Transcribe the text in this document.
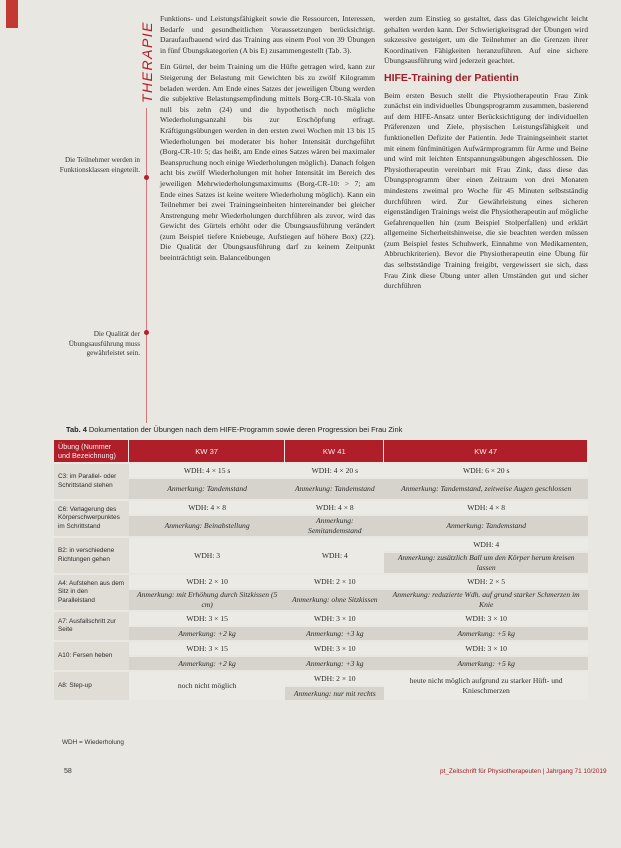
THERAPIE
Die Teilnehmer werden in Funktionsklassen eingeteilt.
Die Qualität der Übungsausführung muss gewährleistet sein.

Funktions- und Leistungsfähigkeit sowie die Ressourcen, Interessen, Bedarfe und gesundheitlichen Voraussetzungen berücksichtigt. Daraufaufbauend wird das Training aus einem Pool von 39 Übungen in fünf Übungskategorien (A bis E) zusammengestellt (Tab. 3).

Ein Gürtel, der beim Training um die Hüfte getragen wird, kann zur Steigerung der Belastung mit Gewichten bis zu zwölf Kilogramm beladen werden. Am Ende eines Satzes der jeweiligen Übung werden die subjektive Belastungsempfindung mittels Borg-CR-10-Skala von null bis zehn (24) und die hypothetisch noch mögliche Wiederholungsanzahl bis zur Erschöpfung erfragt. Kräftigungsübungen werden in den ersten zwei Wochen mit 13 bis 15 Wiederholungen bei moderater bis hoher Intensität durchgeführt (Borg-CR-10: 5; das heißt, am Ende eines Satzes wären bei maximaler Beanspruchung noch einige Wiederholungen möglich). Danach folgen acht bis zwölf Wiederholungen mit hoher Intensität im Bereich des jeweiligen Mehrwiederholungsmaximums (Borg-CR-10: > 7; am Ende eines Satzes ist keine weitere Wiederholung möglich). Kann ein Teilnehmer bei zwei Trainingseinheiten hintereinander bei gleicher Anstrengung mehr Wiederholungen durchführen als zuvor, wird das Gewicht des Gürtels erhöht oder die Übungsausführung verändert (zum Beispiel tiefere Kniebeuge, Aufstiegen auf höhere Box) (22). Die Qualität der Übungsausführung darf zu keinem Zeitpunkt beeinträchtigt sein. Balanceübungen

werden zum Einstieg so gestaltet, dass das Gleichgewicht leicht gehalten werden kann. Der Schwierigkeitsgrad der Übungen wird sukzessive gesteigert, um die Teilnehmer an die Grenzen ihrer Koordinativen Fähigkeiten heranzuführen. Auf eine sichere Übungsausführung wird jederzeit geachtet.

HIFE-Training der Patientin

Beim ersten Besuch stellt die Physiotherapeutin Frau Zink zunächst ein individuelles Übungsprogramm zusammen, basierend auf dem HIFE-Ansatz unter Berücksichtigung der individuellen Präferenzen und Ziele, physischen Leistungsfähigkeit und funktionellen Defizite der Patientin. Jede Trainingseinheit startet mit einem fünfminütigen Aufwärmprogramm für Arme und Beine und wird mit leichten Entspannungsübungen abgeschlossen. Die Physiotherapeutin vereinbart mit Frau Zink, dass diese das Übungsprogramm über einen Zeitraum von drei Monaten mindestens zweimal pro Woche für 45 Minuten selbstständig durchführen wird. Zur Gewährleistung eines sicheren eigenständigen Trainings weist die Physiotherapeutin auf mögliche Gefahrenquellen hin (zum Beispiel Stolperfallen) und erklärt allgemeine Sicherheitshinweise, die sie beachten werden müssen (zum Beispiel festes Schuhwerk, Einnahme von Medikamenten, Abbruchkriterien). Bevor die Physiotherapeutin eine Übung für das selbstständige Training freigibt, vergewissert sie sich, dass Frau Zink diese Übung unter allen Umständen gut und sicher durchführen

Tab. 4 Dokumentation der Übungen nach dem HIFE-Programm sowie deren Progression bei Frau Zink
Übung (Nummer und Bezeichnung)	KW 37	KW 41	KW 47
C3: im Parallel- oder Schrittstand stehen	WDH: 4 × 15 s	WDH: 4 × 20 s	WDH: 6 × 20 s
	Anmerkung: Tandemstand	Anmerkung: Tandemstand	Anmerkung: Tandemstand, zeitweise Augen geschlossen
C6: Verlagerung des Körperschwerpunktes im Schrittstand	WDH: 4 × 8	WDH: 4 × 8	WDH: 4 × 8
	Anmerkung: Beinabstellung	Anmerkung: Semitandemstand	Anmerkung: Tandemstand
B2: in verschiedene Richtungen gehen	WDH: 3	WDH: 4	WDH: 4
			Anmerkung: zusätzlich Ball um den Körper herum kreisen lassen
A4: Aufstehen aus dem Sitz in den Parallelstand	WDH: 2 × 10	WDH: 2 × 10	WDH: 2 × 5
	Anmerkung: mit Erhöhung durch Sitzkissen (5 cm)	Anmerkung: ohne Sitzkissen	Anmerkung: reduzierte Wdh. auf grund starker Schmerzen im Knie
A7: Ausfallschritt zur Seite	WDH: 3 × 15	WDH: 3 × 10	WDH: 3 × 10
	Anmerkung: +2 kg	Anmerkung: +3 kg	Anmerkung: +5 kg
A10: Fersen heben	WDH: 3 × 15	WDH: 3 × 10	WDH: 3 × 10
	Anmerkung: +2 kg	Anmerkung: +3 kg	Anmerkung: +5 kg
A8: Step-up	noch nicht möglich	WDH: 2 × 10	heute nicht möglich aufgrund zu starker Hüft- und Knieschmerzen
		Anmerkung: nur mit rechts	
WDH = Wiederholung
58	pt_Zeitschrift für Physiotherapeuten | Jahrgang 71 10/2019
